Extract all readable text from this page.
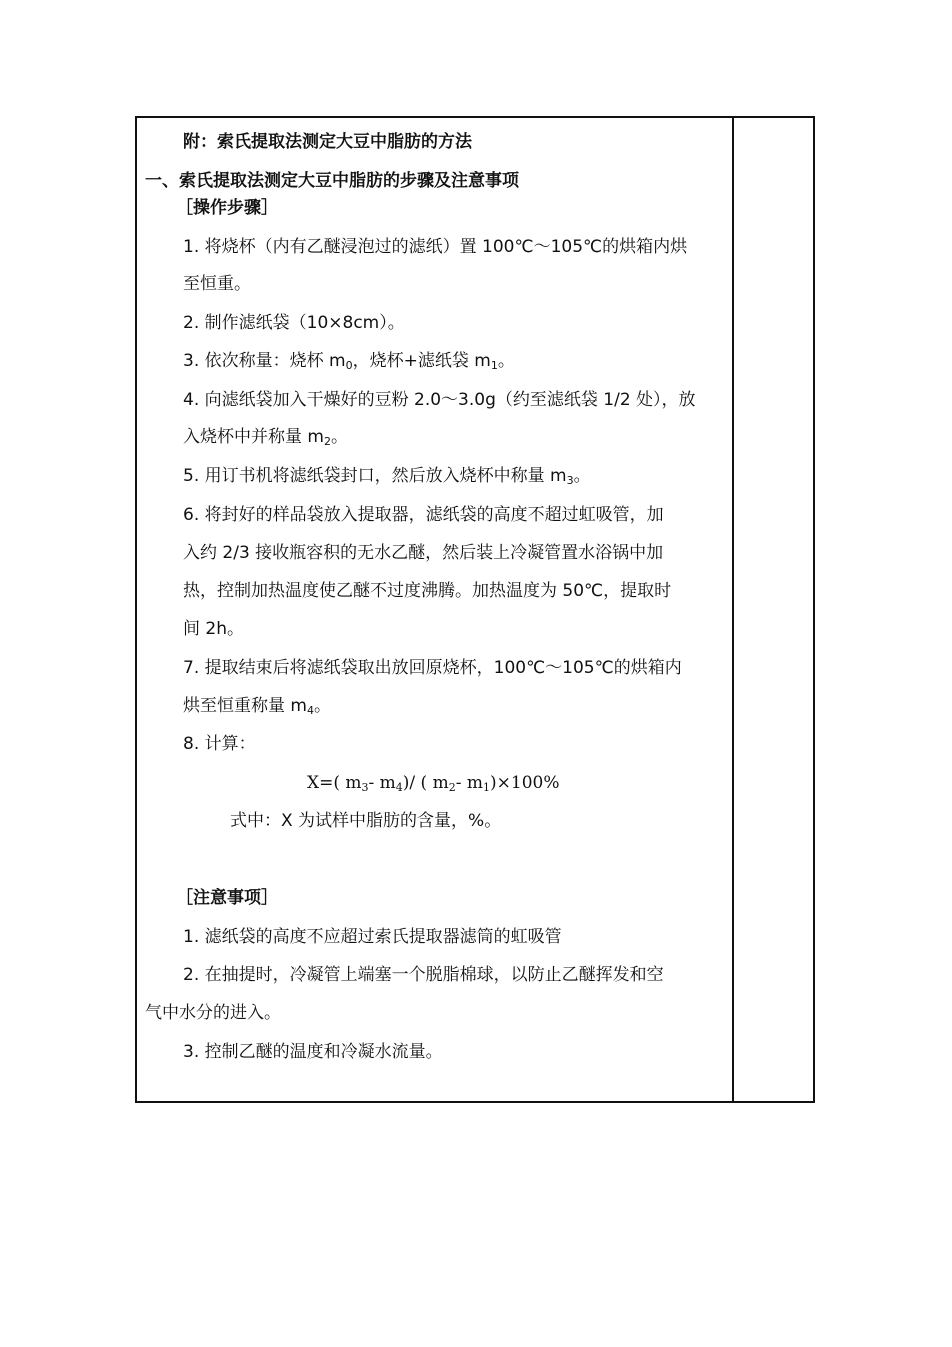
附：索氏提取法测定大豆中脂肪的方法
一、索氏提取法测定大豆中脂肪的步骤及注意事项
［操作步骤］
1. 将烧杯（内有乙醚浸泡过的滤纸）置 100℃～105℃的烘箱内烘
至恒重。
2. 制作滤纸袋（10×8cm）。
3. 依次称量：烧杯 $m_0$，烧杯+滤纸袋 $m_1$。
4. 向滤纸袋加入干燥好的豆粉 2.0～3.0g（约至滤纸袋 1/2 处），放
入烧杯中并称量 $m_2$。
5. 用订书机将滤纸袋封口，然后放入烧杯中称量 $m_3$。
6. 将封好的样品袋放入提取器，滤纸袋的高度不超过虹吸管，加
入约 2/3 接收瓶容积的无水乙醚，然后装上冷凝管置水浴锅中加
热，控制加热温度使乙醚不过度沸腾。加热温度为 50℃，提取时
间 2h。
7. 提取结束后将滤纸袋取出放回原烧杯，100℃～105℃的烘箱内
烘至恒重称量 $m_4$。
8. 计算：
X=( $m_3-$ $m_4)/$ ( $m_2-$ $m_1)\times 100\%$
式中：X 为试样中脂肪的含量，%。
［注意事项］
1. 滤纸袋的高度不应超过索氏提取器滤筒的虹吸管
2. 在抽提时，冷凝管上端塞一个脱脂棉球，以防止乙醚挥发和空
气中水分的进入。
3. 控制乙醚的温度和冷凝水流量。
